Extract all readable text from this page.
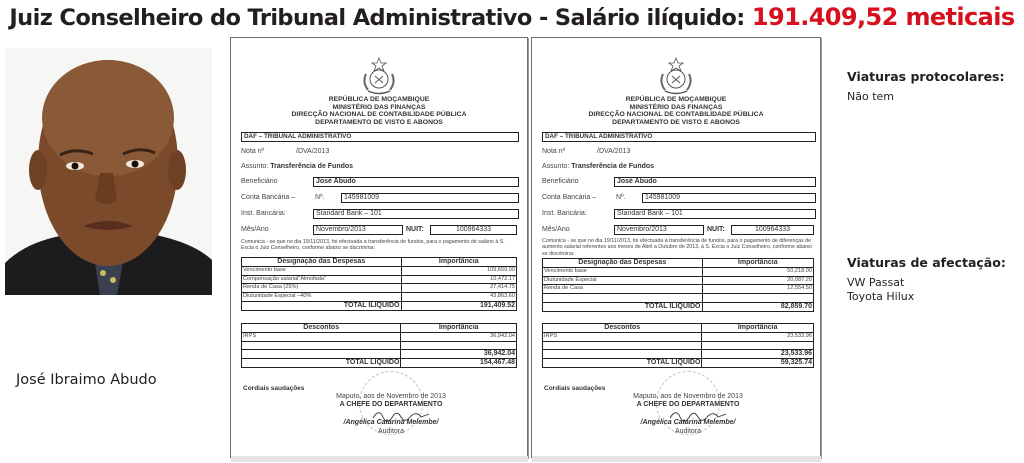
Juiz Conselheiro do Tribunal Administrativo - Salário ilíquido: 191.409,52 meticais
José Ibraimo Abudo
REPÚBLICA DE MOÇAMBIQUE
MINISTÉRIO DAS FINANÇAS
DIRECÇÃO NACIONAL DE CONTABILIDADE PÚBLICA
DEPARTAMENTO DE VISTO E ABONOS
DAF – TRIBUNAL ADMINISTRATIVO
Nota nº	/DVA/2013
Assunto: Transferência de Fundos
Beneficiário	José Abudo
Conta Bancária –	Nº.	145981009
Inst. Bancária:	Standard Bank – 101
Mês/Ano	Novembro/2013	NUIT:	100964333
Comunica - se que no dia 19/11/2013, foi efectuada a transferência de fundos, para o pagamento de salário à S. Excia o Juiz Conselheiro, conforme abaixo se discrimina:
Designação das Despesas	Importância
Vencimento base	109,659.00
Compensação salarial"Almofada"	10,472.17
Renda de Casa (25%)	27,414.75
Diutunidade Especial –40%	43,863.60
TOTAL ILIQUIDO	191,409.52
Descontos	Importância
IRPS	36,942.04

	36,942.04
TOTAL LIQUIDO	154,467.48
Cordiais saudações
Maputo, aos de Novembro de 2013
A CHEFE DO DEPARTAMENTO
/Angélica Catarina Melembe/
Auditora
REPÚBLICA DE MOÇAMBIQUE
MINISTÉRIO DAS FINANÇAS
DIRECÇÃO NACIONAL DE CONTABILIDADE PÚBLICA
DEPARTAMENTO DE VISTO E ABONOS
DAF – TRIBUNAL ADMINISTRATIVO
Nota nº	/DVA/2013
Assunto: Transferência de Fundos
Beneficiário	José Abudo
Conta Bancária –	Nº.	145981009
Inst. Bancária:	Standard Bank – 101
Mês/Ano	Novembro/2013	NUIT:	100964333
Comunica - se que no dia 19/11/2013, foi efectuada à transferência de fundos, para o pagamento de diferenças de aumento salarial referentes aos meses de Abril a Outubro de 2013, à S. Excia o Juiz Conselheiro, conforme abaixo se discrimina:
Designação das Despesas	Importância
Vencimento base	50,218.00
Diutunidade Especial	20,087.20
Renda de Casa	12,554.50

TOTAL ILIQUIDO	82,859.70
Descontos	Importância
IRPS	23,533.96

	23,533.96
TOTAL LIQUIDO	59,325.74
Cordiais saudações
Maputo, aos de Novembro de 2013
A CHEFE DO DEPARTAMENTO
/Angélica Catarina Melembe/
Auditora
Viaturas protocolares:
Não tem
Viaturas de afectação:
VW Passat
Toyota Hilux
